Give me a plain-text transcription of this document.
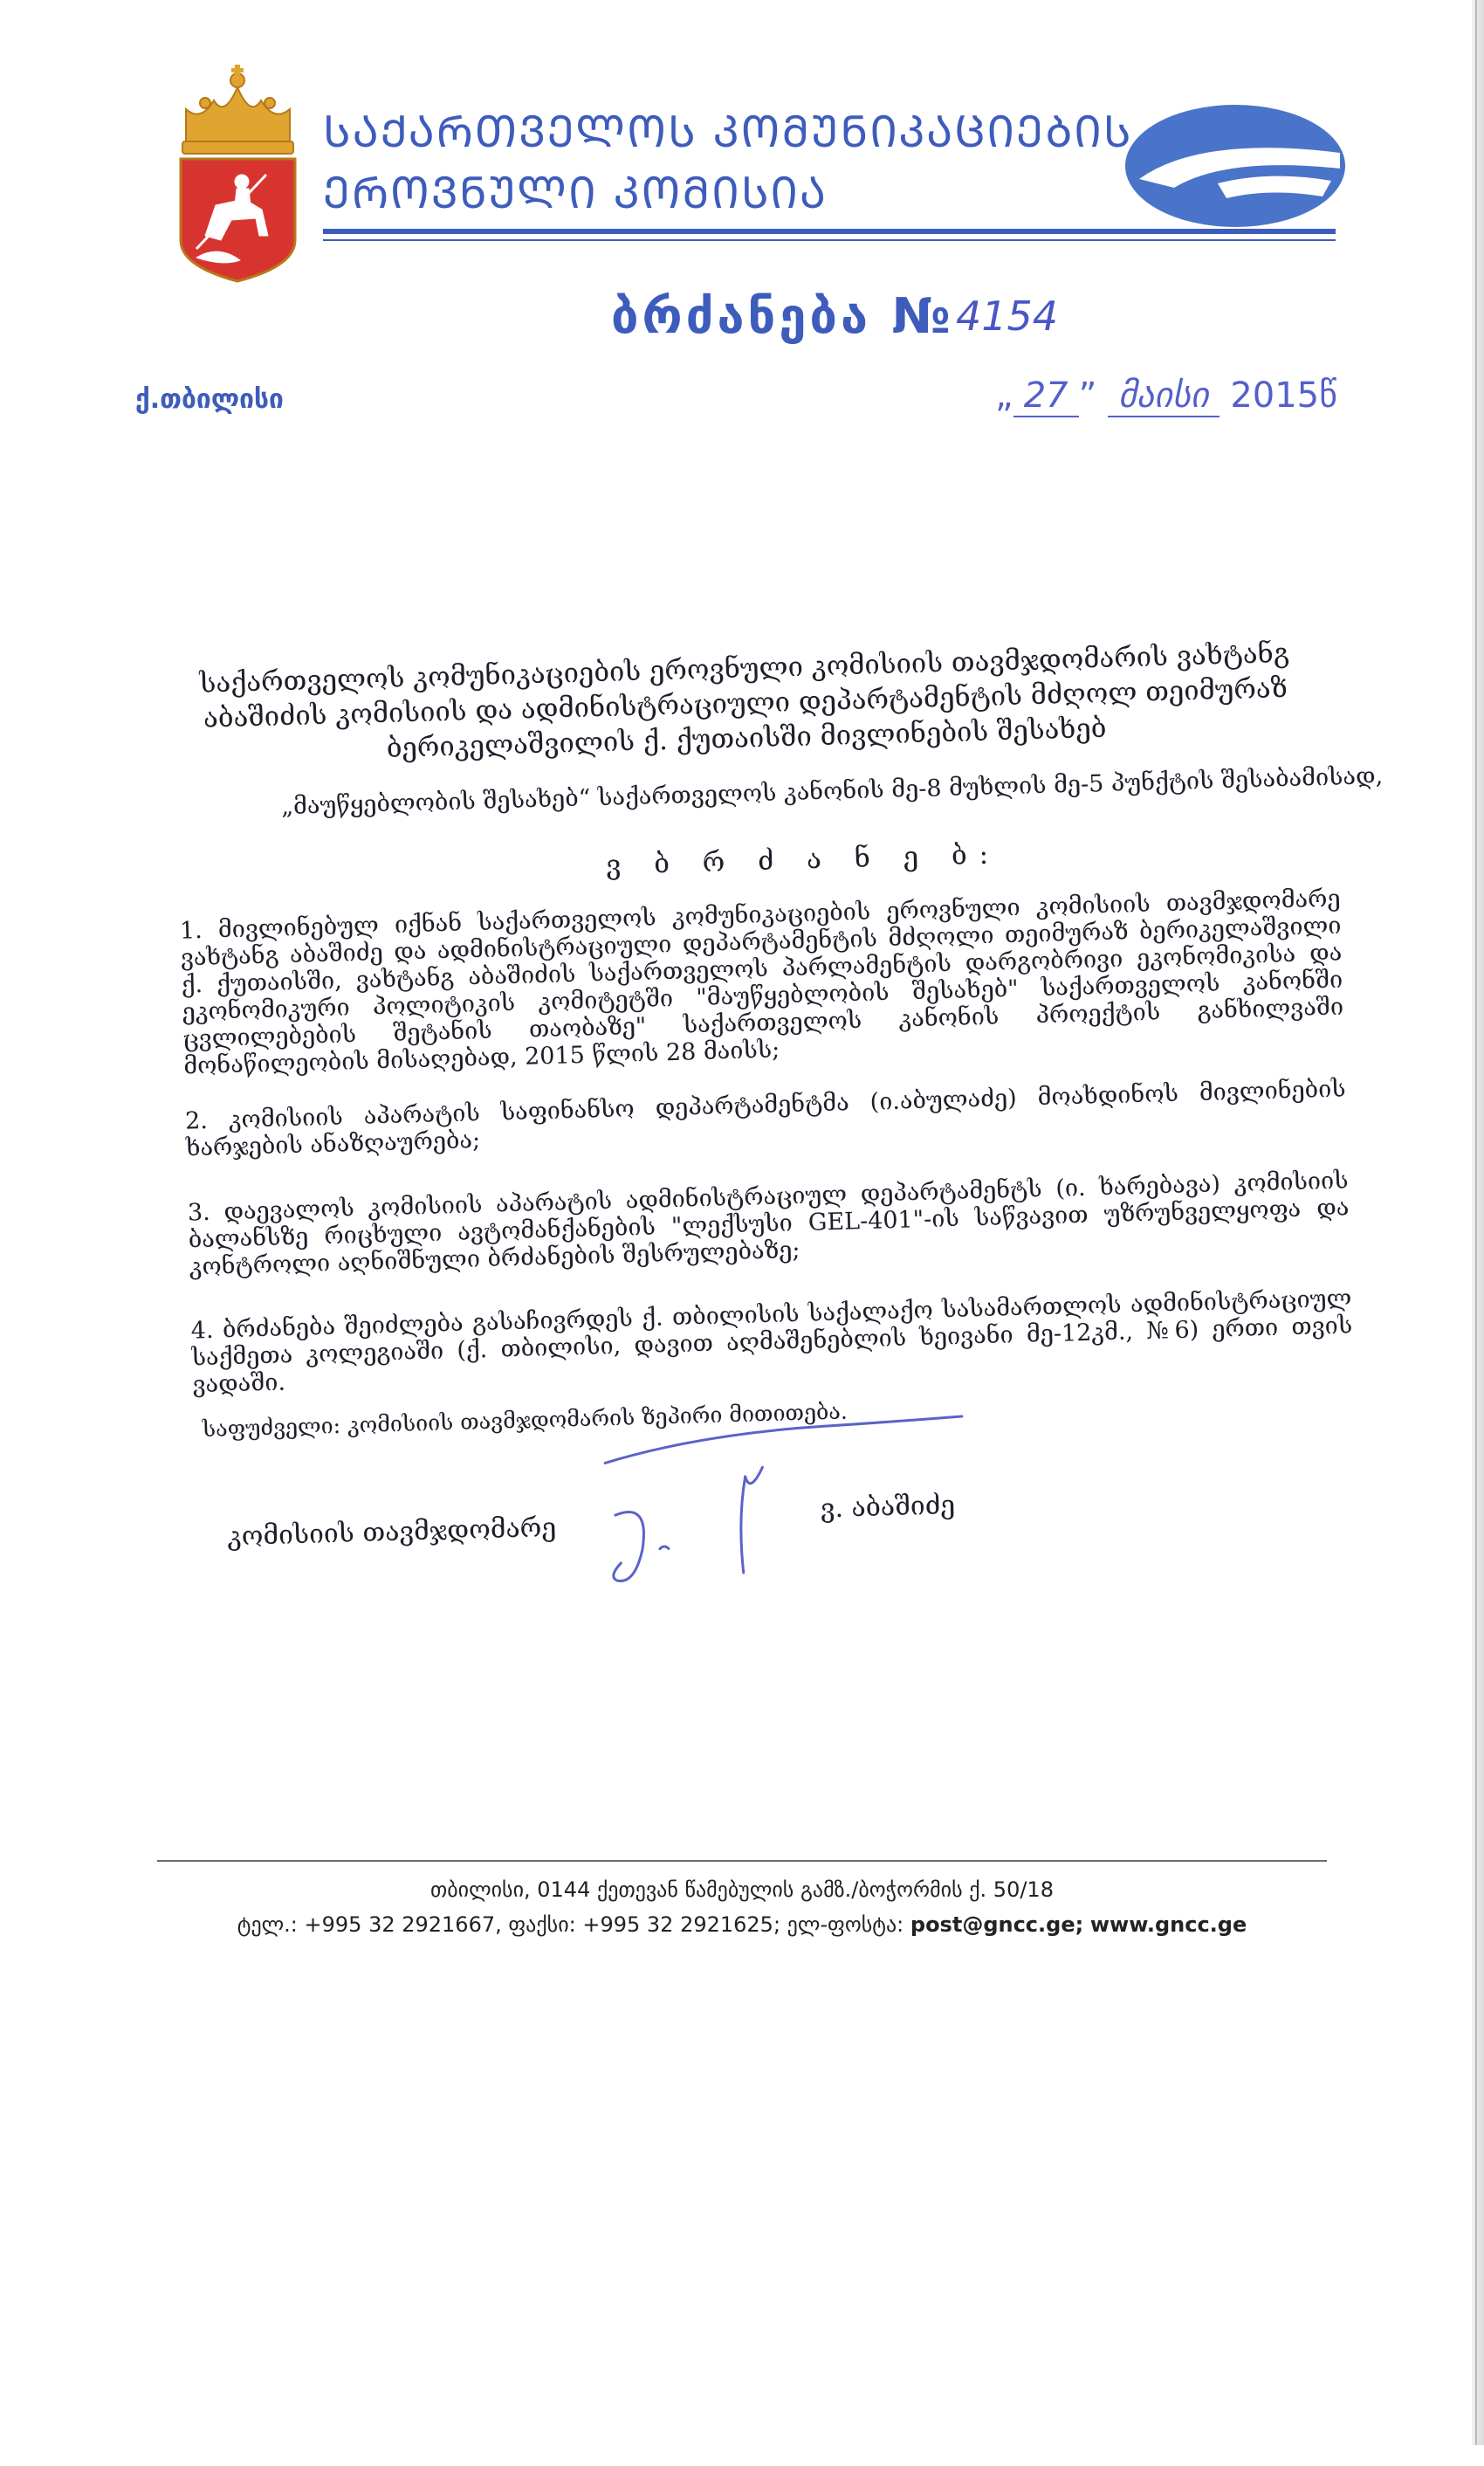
ᲡᲐᲥᲐᲠᲗᲕᲔᲚᲝᲡ ᲙᲝᲛᲣᲜᲘᲙᲐᲪᲘᲔᲑᲘᲡ
ᲔᲠᲝᲕᲜᲣᲚᲘ ᲙᲝᲛᲘᲡᲘᲐ
ბრძანება № 4154
ქ.თბილისი	„ 27 ” მაისი 2015წ
საქართველოს კომუნიკაციების ეროვნული კომისიის თავმჯდომარის ვახტანგ აბაშიძის კომისიის და ადმინისტრაციული დეპარტამენტის მძღოლ თეიმურაზ ბერიკელაშვილის ქ. ქუთაისში მივლინების შესახებ
„მაუწყებლობის შესახებ“ საქართველოს კანონის მე-8 მუხლის მე-5 პუნქტის შესაბამისად,
ვ ბ რ ძ ა ნ ე ბ:
1. მივლინებულ იქნან საქართველოს კომუნიკაციების ეროვნული კომისიის თავმჯდომარე ვახტანგ აბაშიძე და ადმინისტრაციული დეპარტამენტის მძღოლი თეიმურაზ ბერიკელაშვილი ქ. ქუთაისში, ვახტანგ აბაშიძის საქართველოს პარლამენტის დარგობრივი ეკონომიკისა და ეკონომიკური პოლიტიკის კომიტეტში "მაუწყებლობის შესახებ" საქართველოს კანონში ცვლილებების შეტანის თაობაზე" საქართველოს კანონის პროექტის განხილვაში მონაწილეობის მისაღებად, 2015 წლის 28 მაისს;
2. კომისიის აპარატის საფინანსო დეპარტამენტმა (ი.აბულაძე) მოახდინოს მივლინების ხარჯების ანაზღაურება;
3. დაევალოს კომისიის აპარატის ადმინისტრაციულ დეპარტამენტს (ი. ხარებავა) კომისიის ბალანსზე რიცხული ავტომანქანების "ლექსუსი GEL-401"-ის საწვავით უზრუნველყოფა და კონტროლი აღნიშნული ბრძანების შესრულებაზე;
4. ბრძანება შეიძლება გასაჩივრდეს ქ. თბილისის საქალაქო სასამართლოს ადმინისტრაციულ საქმეთა კოლეგიაში (ქ. თბილისი, დავით აღმაშენებლის ხეივანი მე-12კმ., №6) ერთი თვის ვადაში.
საფუძველი: კომისიის თავმჯდომარის ზეპირი მითითება.
კომისიის თავმჯდომარე
ვ. აბაშიძე
თბილისი, 0144 ქეთევან წამებულის გამზ./ბოჭორმის ქ. 50/18
ტელ.: +995 32 2921667, ფაქსი: +995 32 2921625; ელ-ფოსტა: post@gncc.ge; www.gncc.ge
